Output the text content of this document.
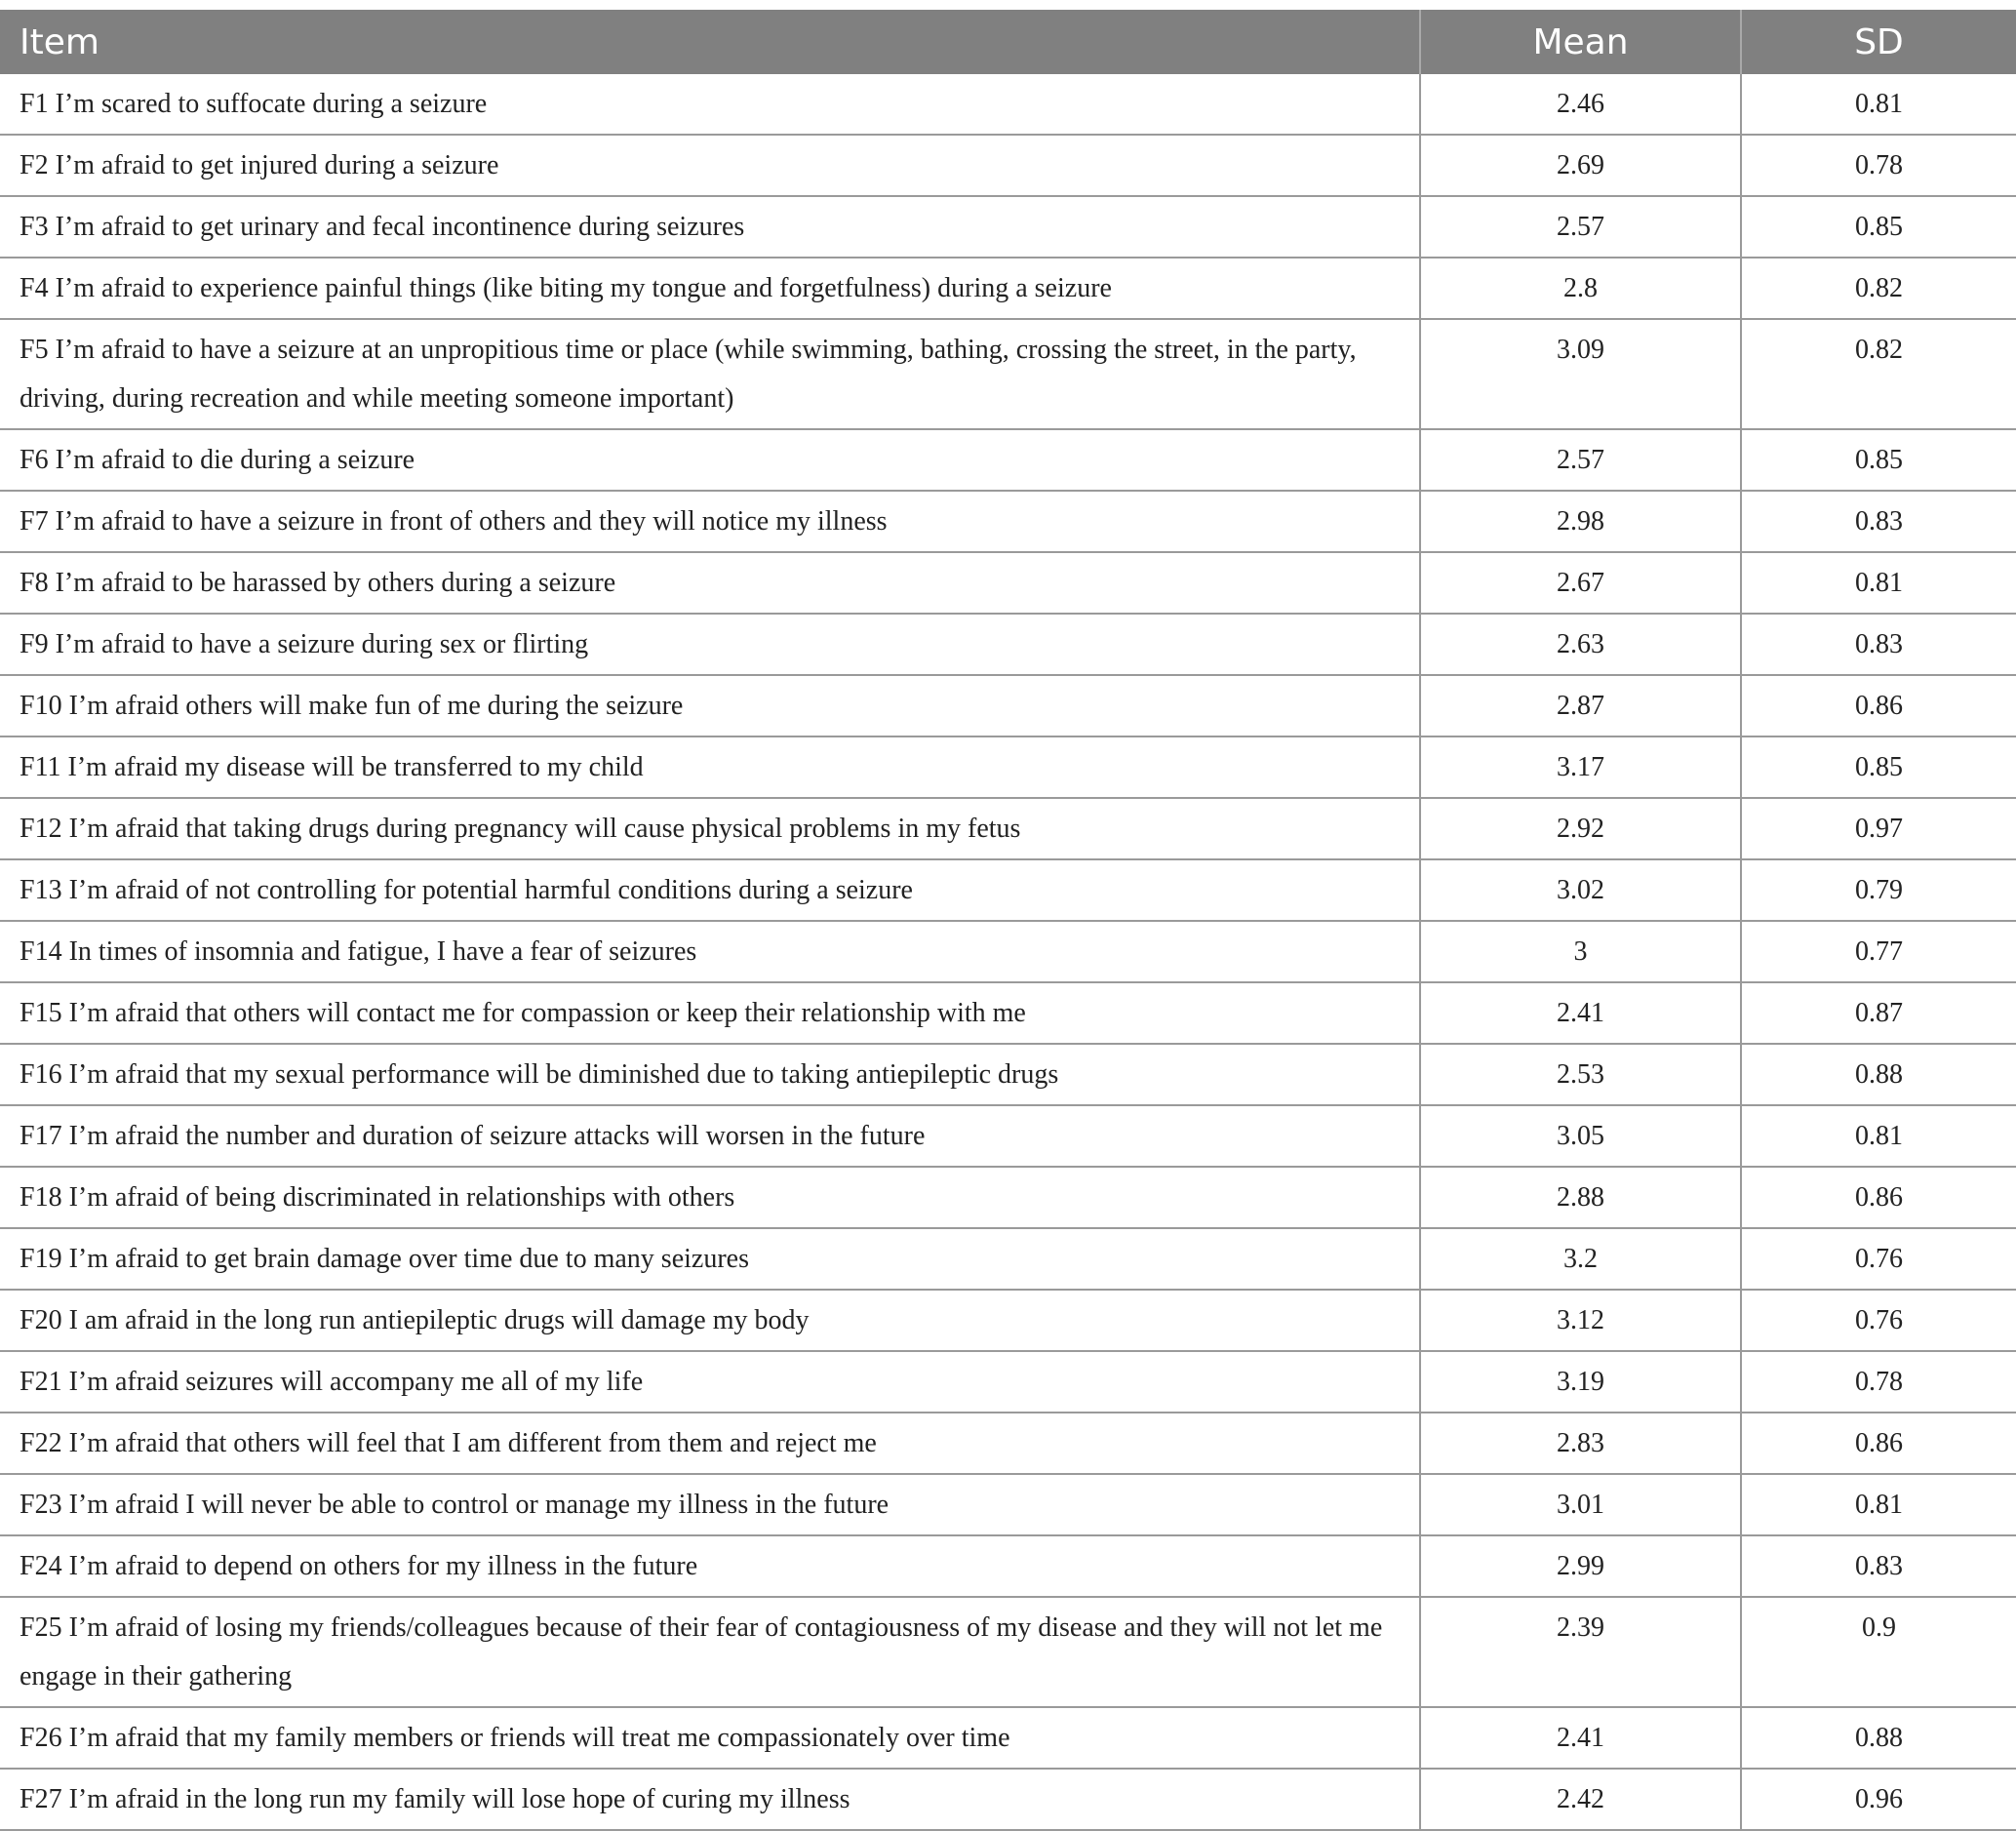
Item	Mean	SD
F1 I’m scared to suffocate during a seizure	2.46	0.81
F2 I’m afraid to get injured during a seizure	2.69	0.78
F3 I’m afraid to get urinary and fecal incontinence during seizures	2.57	0.85
F4 I’m afraid to experience painful things (like biting my tongue and forgetfulness) during a seizure	2.8	0.82
F5 I’m afraid to have a seizure at an unpropitious time or place (while swimming, bathing, crossing the street, in the party, driving, during recreation and while meeting someone important)	3.09	0.82
F6 I’m afraid to die during a seizure	2.57	0.85
F7 I’m afraid to have a seizure in front of others and they will notice my illness	2.98	0.83
F8 I’m afraid to be harassed by others during a seizure	2.67	0.81
F9 I’m afraid to have a seizure during sex or flirting	2.63	0.83
F10 I’m afraid others will make fun of me during the seizure	2.87	0.86
F11 I’m afraid my disease will be transferred to my child	3.17	0.85
F12 I’m afraid that taking drugs during pregnancy will cause physical problems in my fetus	2.92	0.97
F13 I’m afraid of not controlling for potential harmful conditions during a seizure	3.02	0.79
F14 In times of insomnia and fatigue, I have a fear of seizures	3	0.77
F15 I’m afraid that others will contact me for compassion or keep their relationship with me	2.41	0.87
F16 I’m afraid that my sexual performance will be diminished due to taking antiepileptic drugs	2.53	0.88
F17 I’m afraid the number and duration of seizure attacks will worsen in the future	3.05	0.81
F18 I’m afraid of being discriminated in relationships with others	2.88	0.86
F19 I’m afraid to get brain damage over time due to many seizures	3.2	0.76
F20 I am afraid in the long run antiepileptic drugs will damage my body	3.12	0.76
F21 I’m afraid seizures will accompany me all of my life	3.19	0.78
F22 I’m afraid that others will feel that I am different from them and reject me	2.83	0.86
F23 I’m afraid I will never be able to control or manage my illness in the future	3.01	0.81
F24 I’m afraid to depend on others for my illness in the future	2.99	0.83
F25 I’m afraid of losing my friends/colleagues because of their fear of contagiousness of my disease and they will not let me engage in their gathering	2.39	0.9
F26 I’m afraid that my family members or friends will treat me compassionately over time	2.41	0.88
F27 I’m afraid in the long run my family will lose hope of curing my illness	2.42	0.96
